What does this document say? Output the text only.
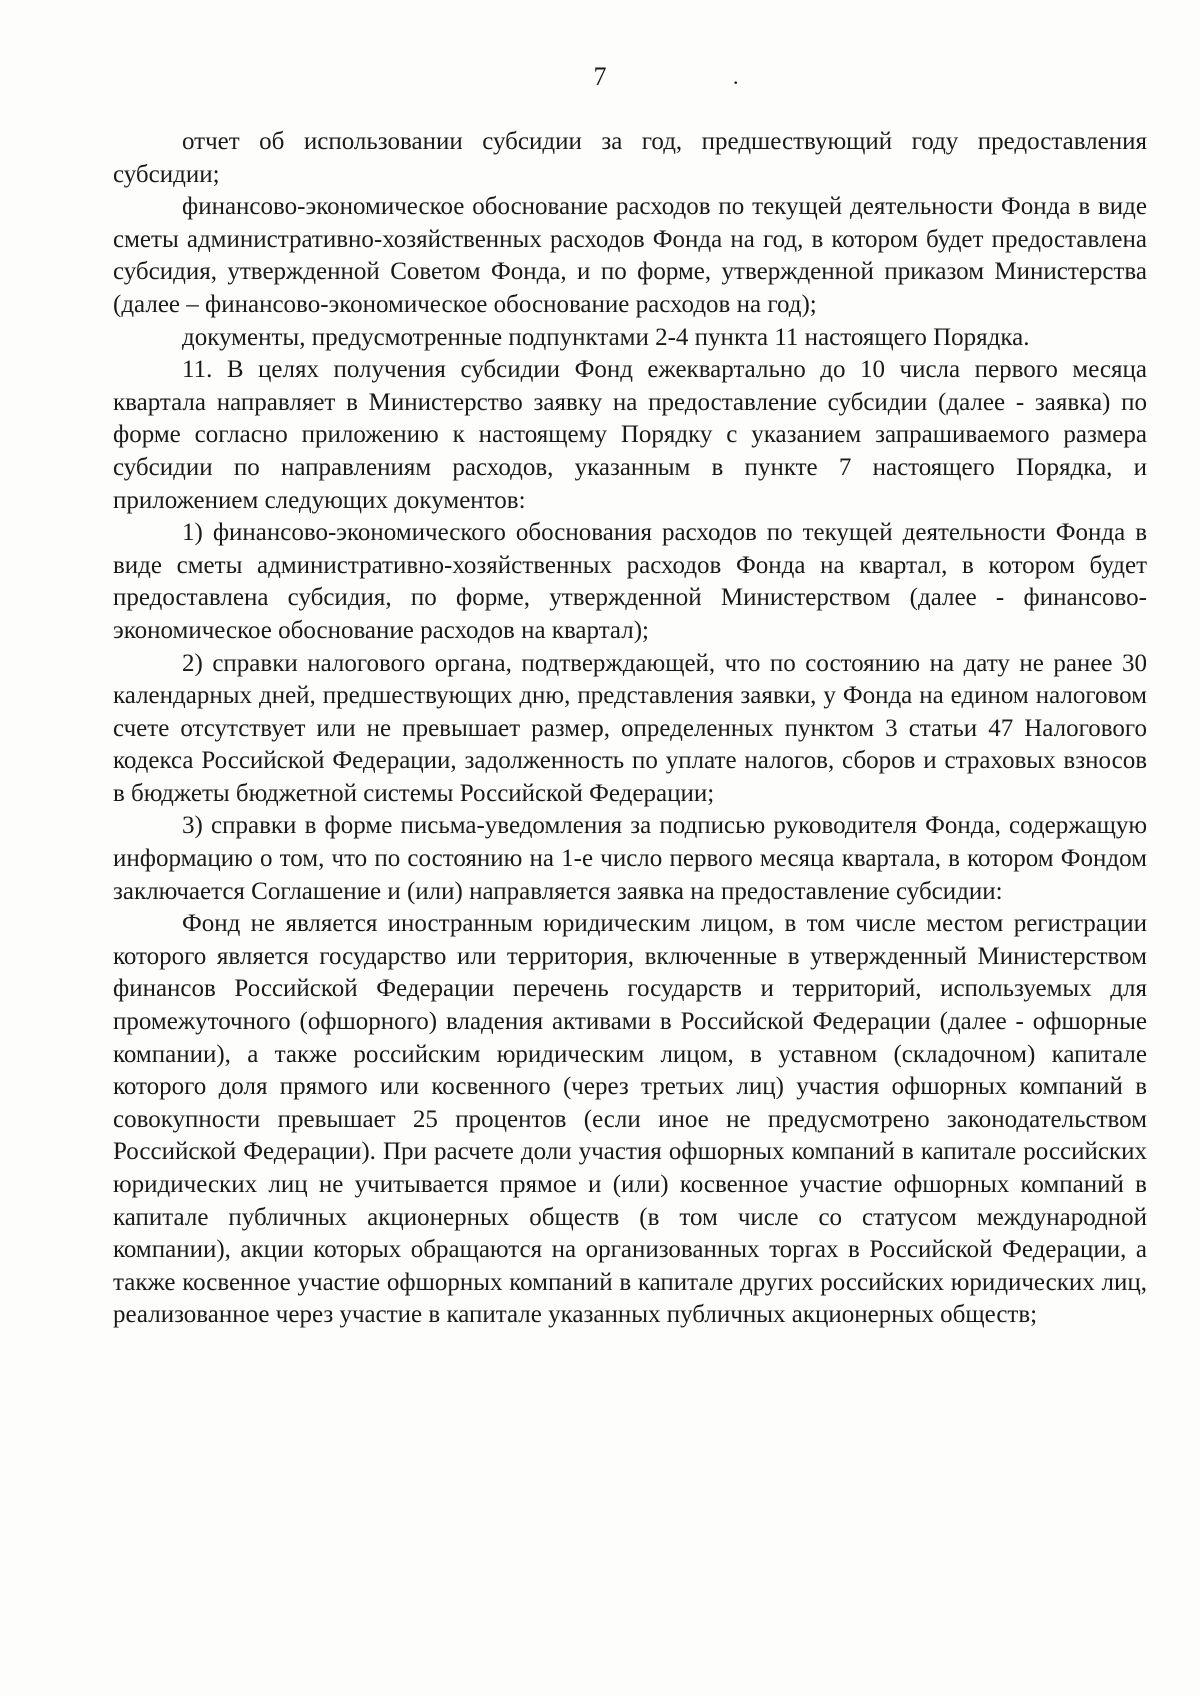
7	.

отчет об использовании субсидии за год, предшествующий году предоставления субсидии;

финансово-экономическое обоснование расходов по текущей деятельности Фонда в виде сметы административно-хозяйственных расходов Фонда на год, в котором будет предоставлена субсидия, утвержденной Советом Фонда, и по форме, утвержденной приказом Министерства (далее – финансово-экономическое обоснование расходов на год);

документы, предусмотренные подпунктами 2-4 пункта 11 настоящего Порядка.

11. В целях получения субсидии Фонд ежеквартально до 10 числа первого месяца квартала направляет в Министерство заявку на предоставление субсидии (далее - заявка) по форме согласно приложению к настоящему Порядку с указанием запрашиваемого размера субсидии по направлениям расходов, указанным в пункте 7 настоящего Порядка, и приложением следующих документов:

1) финансово-экономического обоснования расходов по текущей деятельности Фонда в виде сметы административно-хозяйственных расходов Фонда на квартал, в котором будет предоставлена субсидия, по форме, утвержденной Министерством (далее - финансово-экономическое обоснование расходов на квартал);

2) справки налогового органа, подтверждающей, что по состоянию на дату не ранее 30 календарных дней, предшествующих дню, представления заявки, у Фонда на едином налоговом счете отсутствует или не превышает размер, определенных пунктом 3 статьи 47 Налогового кодекса Российской Федерации, задолженность по уплате налогов, сборов и страховых взносов в бюджеты бюджетной системы Российской Федерации;

3) справки в форме письма-уведомления за подписью руководителя Фонда, содержащую информацию о том, что по состоянию на 1-е число первого месяца квартала, в котором Фондом заключается Соглашение и (или) направляется заявка на предоставление субсидии:

Фонд не является иностранным юридическим лицом, в том числе местом регистрации которого является государство или территория, включенные в утвержденный Министерством финансов Российской Федерации перечень государств и территорий, используемых для промежуточного (офшорного) владения активами в Российской Федерации (далее - офшорные компании), а также российским юридическим лицом, в уставном (складочном) капитале которого доля прямого или косвенного (через третьих лиц) участия офшорных компаний в совокупности превышает 25 процентов (если иное не предусмотрено законодательством Российской Федерации). При расчете доли участия офшорных компаний в капитале российских юридических лиц не учитывается прямое и (или) косвенное участие офшорных компаний в капитале публичных акционерных обществ (в том числе со статусом международной компании), акции которых обращаются на организованных торгах в Российской Федерации, а также косвенное участие офшорных компаний в капитале других российских юридических лиц, реализованное через участие в капитале указанных публичных акционерных обществ;
